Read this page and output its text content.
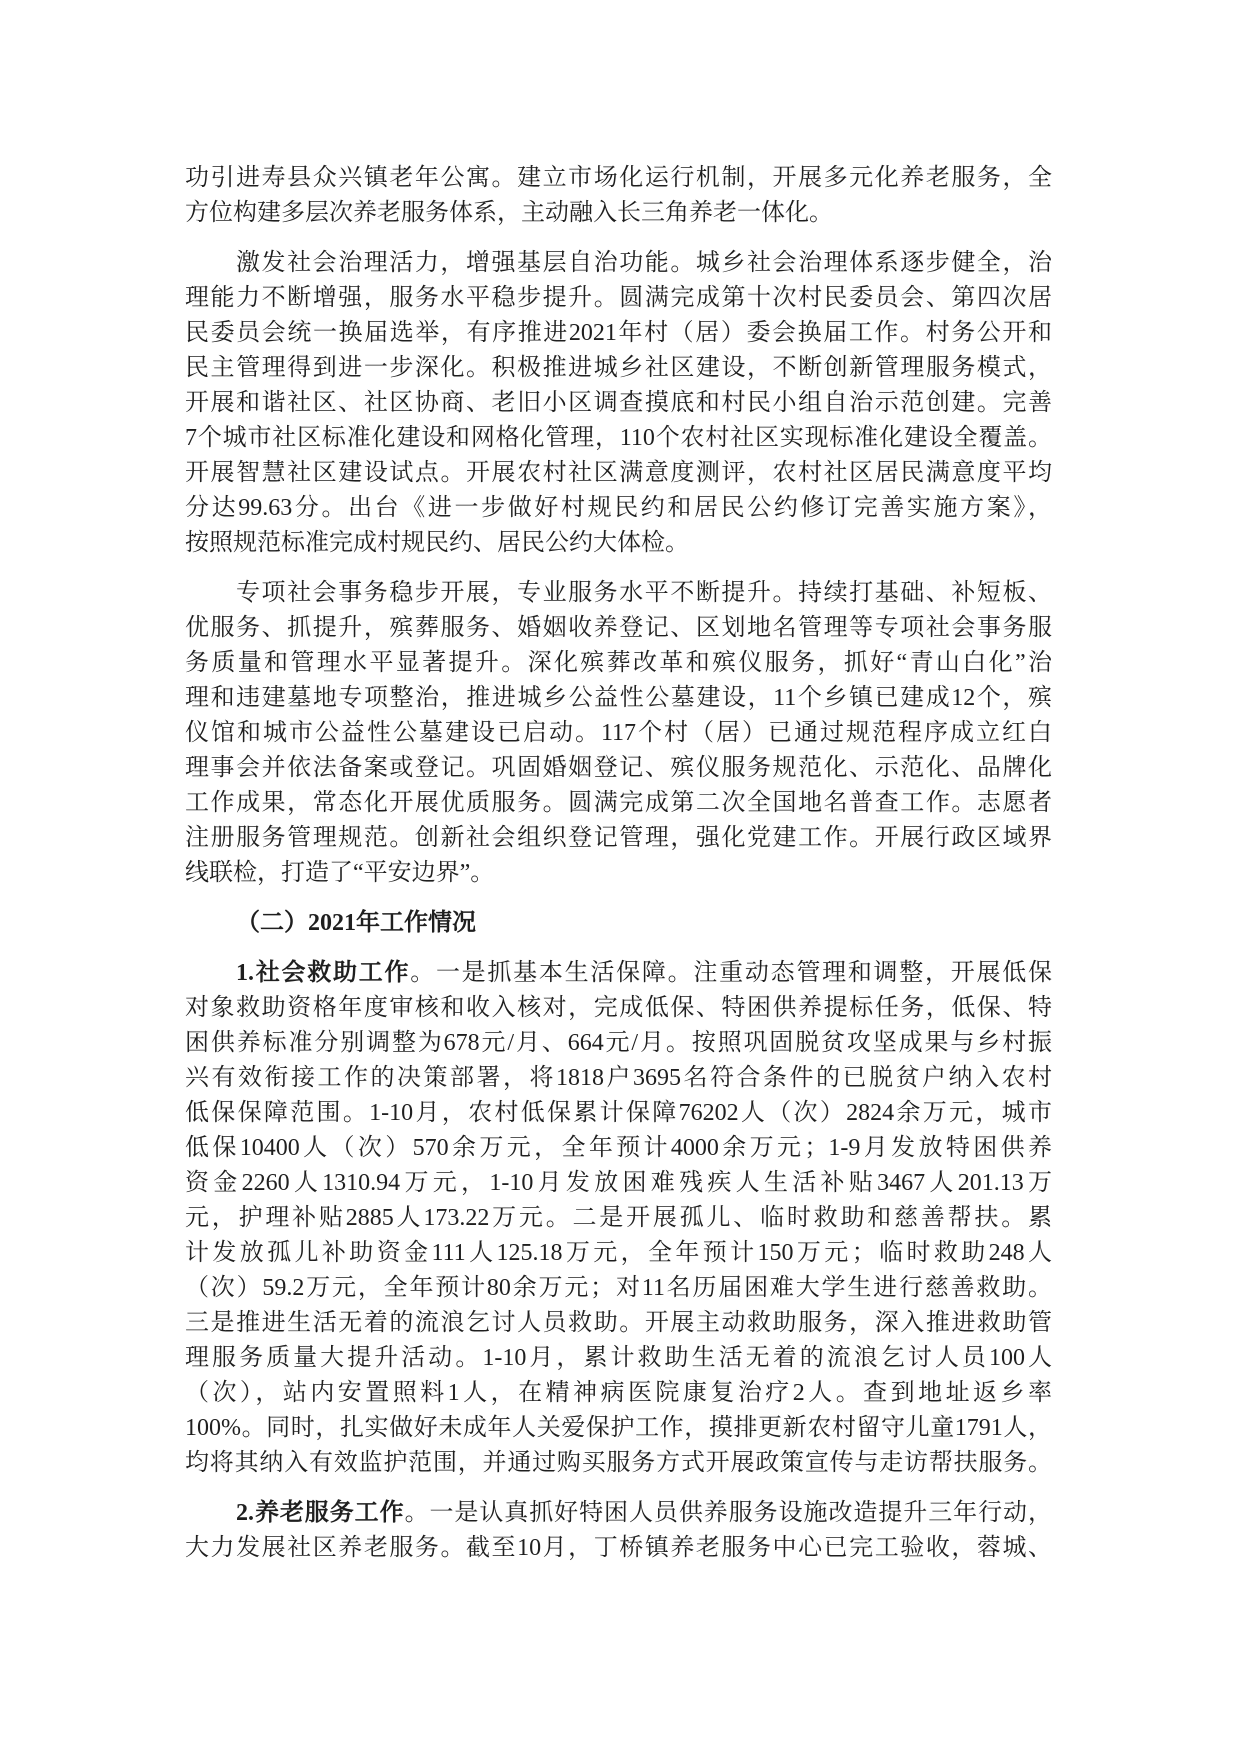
功引进寿县众兴镇老年公寓。建立市场化运行机制，开展多元化养老服务，全
方位构建多层次养老服务体系，主动融入长三角养老一体化。
激发社会治理活力，增强基层自治功能。城乡社会治理体系逐步健全，治
理能力不断增强，服务水平稳步提升。圆满完成第十次村民委员会、第四次居
民委员会统一换届选举，有序推进2021年村（居）委会换届工作。村务公开和
民主管理得到进一步深化。积极推进城乡社区建设，不断创新管理服务模式，
开展和谐社区、社区协商、老旧小区调查摸底和村民小组自治示范创建。完善
7个城市社区标准化建设和网格化管理，110个农村社区实现标准化建设全覆盖。
开展智慧社区建设试点。开展农村社区满意度测评，农村社区居民满意度平均
分达99.63分。出台《进一步做好村规民约和居民公约修订完善实施方案》，
按照规范标准完成村规民约、居民公约大体检。
专项社会事务稳步开展，专业服务水平不断提升。持续打基础、补短板、
优服务、抓提升，殡葬服务、婚姻收养登记、区划地名管理等专项社会事务服
务质量和管理水平显著提升。深化殡葬改革和殡仪服务，抓好“青山白化”治
理和违建墓地专项整治，推进城乡公益性公墓建设，11个乡镇已建成12个，殡
仪馆和城市公益性公墓建设已启动。117个村（居）已通过规范程序成立红白
理事会并依法备案或登记。巩固婚姻登记、殡仪服务规范化、示范化、品牌化
工作成果，常态化开展优质服务。圆满完成第二次全国地名普查工作。志愿者
注册服务管理规范。创新社会组织登记管理，强化党建工作。开展行政区域界
线联检，打造了“平安边界”。
（二）2021年工作情况
1.社会救助工作。一是抓基本生活保障。注重动态管理和调整，开展低保
对象救助资格年度审核和收入核对，完成低保、特困供养提标任务，低保、特
困供养标准分别调整为678元/月、664元/月。按照巩固脱贫攻坚成果与乡村振
兴有效衔接工作的决策部署，将1818户3695名符合条件的已脱贫户纳入农村
低保保障范围。1-10月，农村低保累计保障76202人（次）2824余万元，城市
低保10400人（次）570余万元，全年预计4000余万元；1-9月发放特困供养
资金2260人1310.94万元，1-10月发放困难残疾人生活补贴3467人201.13万
元，护理补贴2885人173.22万元。二是开展孤儿、临时救助和慈善帮扶。累
计发放孤儿补助资金111人125.18万元，全年预计150万元；临时救助248人
（次）59.2万元，全年预计80余万元；对11名历届困难大学生进行慈善救助。
三是推进生活无着的流浪乞讨人员救助。开展主动救助服务，深入推进救助管
理服务质量大提升活动。1-10月，累计救助生活无着的流浪乞讨人员100人
（次），站内安置照料1人，在精神病医院康复治疗2人。查到地址返乡率
100%。同时，扎实做好未成年人关爱保护工作，摸排更新农村留守儿童1791人，
均将其纳入有效监护范围，并通过购买服务方式开展政策宣传与走访帮扶服务。
2.养老服务工作。一是认真抓好特困人员供养服务设施改造提升三年行动，
大力发展社区养老服务。截至10月，丁桥镇养老服务中心已完工验收，蓉城、
